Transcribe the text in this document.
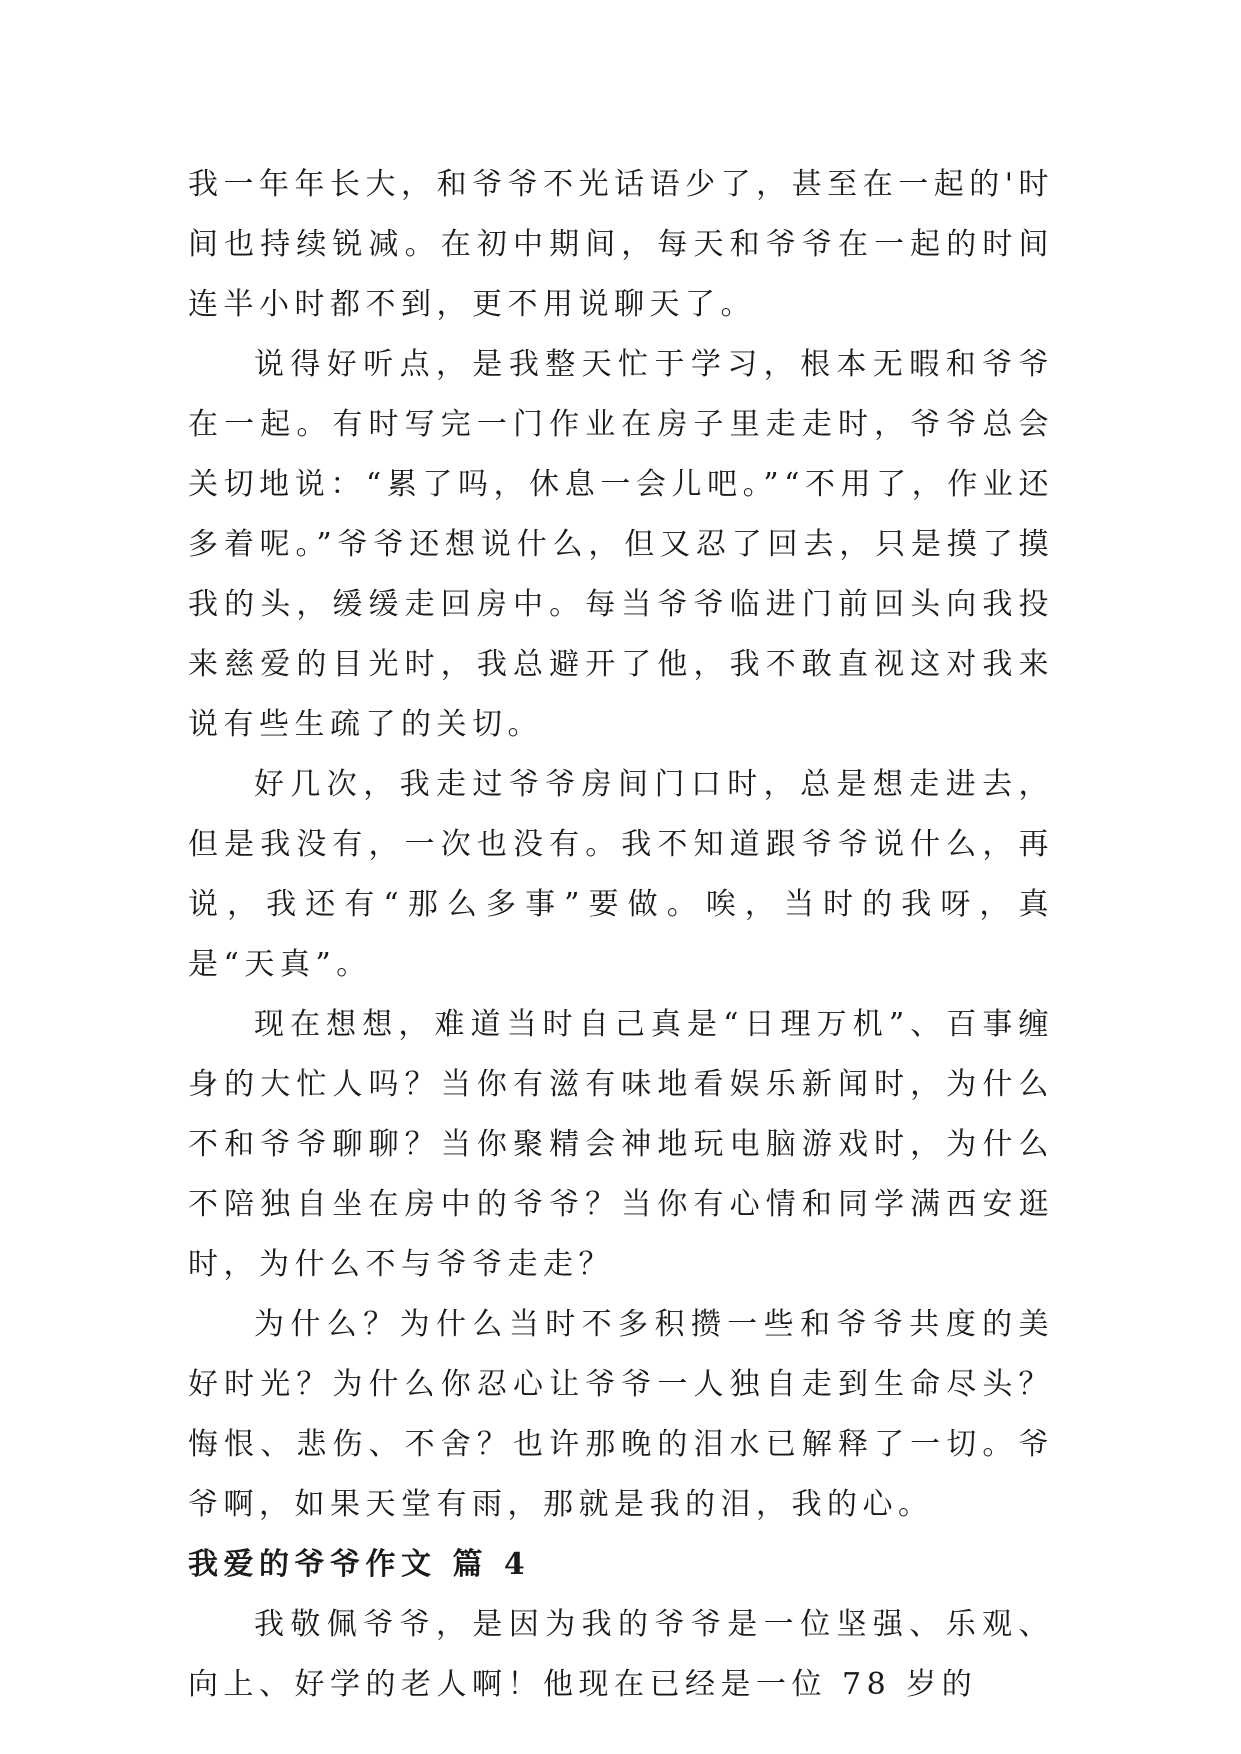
我一年年长大，和爷爷不光话语少了，甚至在一起的'时间也持续锐减。在初中期间，每天和爷爷在一起的时间连半小时都不到，更不用说聊天了。

说得好听点，是我整天忙于学习，根本无暇和爷爷在一起。有时写完一门作业在房子里走走时，爷爷总会关切地说：“累了吗，休息一会儿吧。”“不用了，作业还多着呢。”爷爷还想说什么，但又忍了回去，只是摸了摸我的头，缓缓走回房中。每当爷爷临进门前回头向我投来慈爱的目光时，我总避开了他，我不敢直视这对我来说有些生疏了的关切。

好几次，我走过爷爷房间门口时，总是想走进去，但是我没有，一次也没有。我不知道跟爷爷说什么，再说，我还有“那么多事”要做。唉，当时的我呀，真是“天真”。

现在想想，难道当时自己真是“日理万机”、百事缠身的大忙人吗？当你有滋有味地看娱乐新闻时，为什么不和爷爷聊聊？当你聚精会神地玩电脑游戏时，为什么不陪独自坐在房中的爷爷？当你有心情和同学满西安逛时，为什么不与爷爷走走？

为什么？为什么当时不多积攒一些和爷爷共度的美好时光？为什么你忍心让爷爷一人独自走到生命尽头？悔恨、悲伤、不舍？也许那晚的泪水已解释了一切。爷爷啊，如果天堂有雨，那就是我的泪，我的心。

我爱的爷爷作文 篇 4

我敬佩爷爷，是因为我的爷爷是一位坚强、乐观、向上、好学的老人啊！他现在已经是一位 78 岁的
